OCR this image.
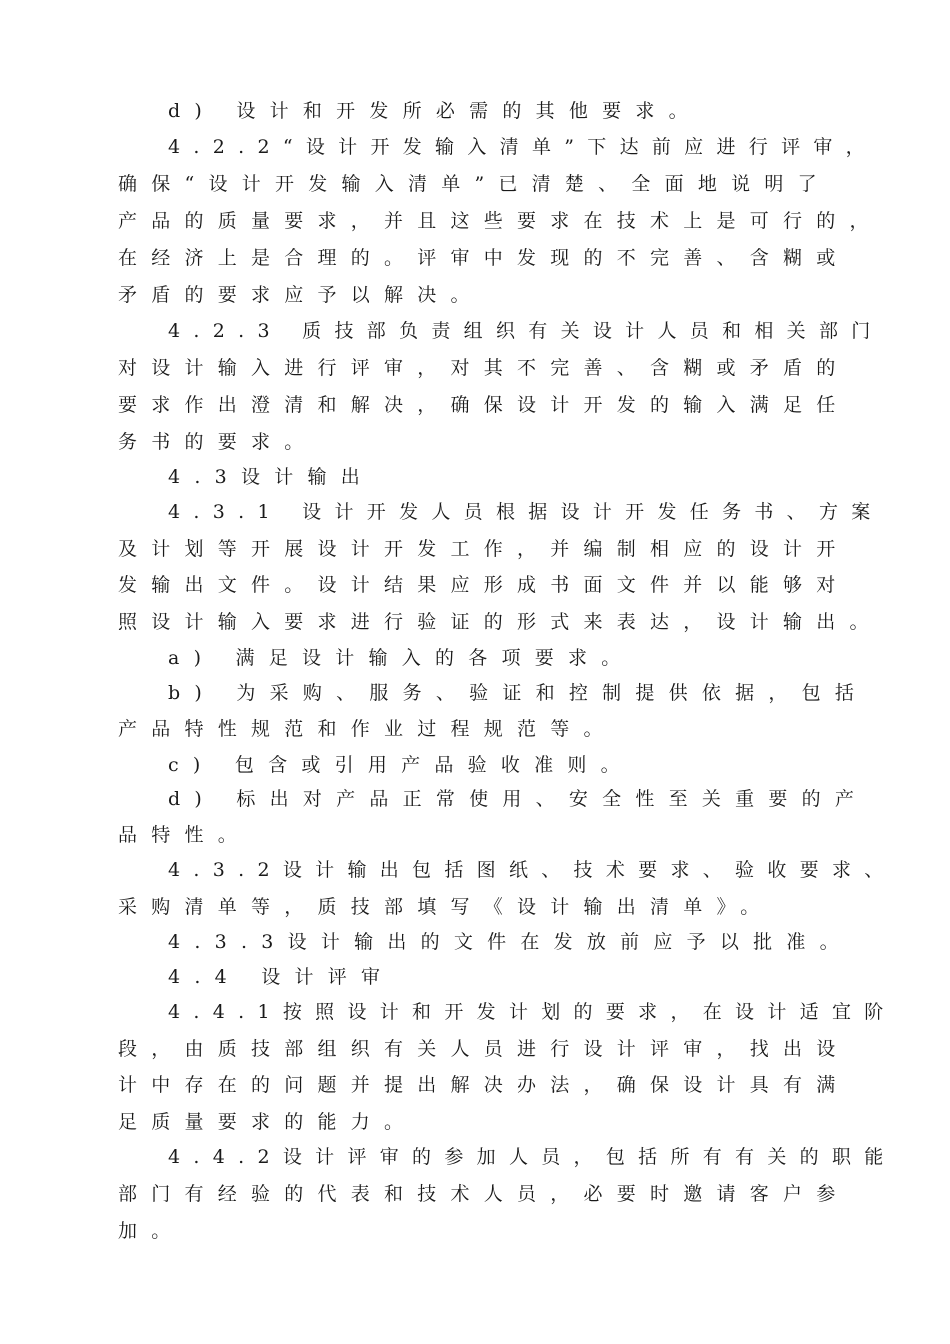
d) 设计和开发所必需的其他要求。
4.2.2“设计开发输入清单”下达前应进行评审，
确保“设计开发输入清单”已清楚、全面地说明了
产品的质量要求，并且这些要求在技术上是可行的，
在经济上是合理的。评审中发现的不完善、含糊或
矛盾的要求应予以解决。
4.2.3 质技部负责组织有关设计人员和相关部门
对设计输入进行评审，对其不完善、含糊或矛盾的
要求作出澄清和解决，确保设计开发的输入满足任
务书的要求。
4.3设计输出
4.3.1 设计开发人员根据设计开发任务书、方案
及计划等开展设计开发工作，并编制相应的设计开
发输出文件。设计结果应形成书面文件并以能够对
照设计输入要求进行验证的形式来表达，设计输出。
a) 满足设计输入的各项要求。
b) 为采购、服务、验证和控制提供依据，包括
产品特性规范和作业过程规范等。
c) 包含或引用产品验收准则。
d) 标出对产品正常使用、安全性至关重要的产
品特性。
4.3.2设计输出包括图纸、技术要求、验收要求、
采购清单等，质技部填写《设计输出清单》。
4.3.3设计输出的文件在发放前应予以批准。
4.4 设计评审
4.4.1按照设计和开发计划的要求，在设计适宜阶
段，由质技部组织有关人员进行设计评审，找出设
计中存在的问题并提出解决办法，确保设计具有满
足质量要求的能力。
4.4.2设计评审的参加人员，包括所有有关的职能
部门有经验的代表和技术人员，必要时邀请客户参
加。
